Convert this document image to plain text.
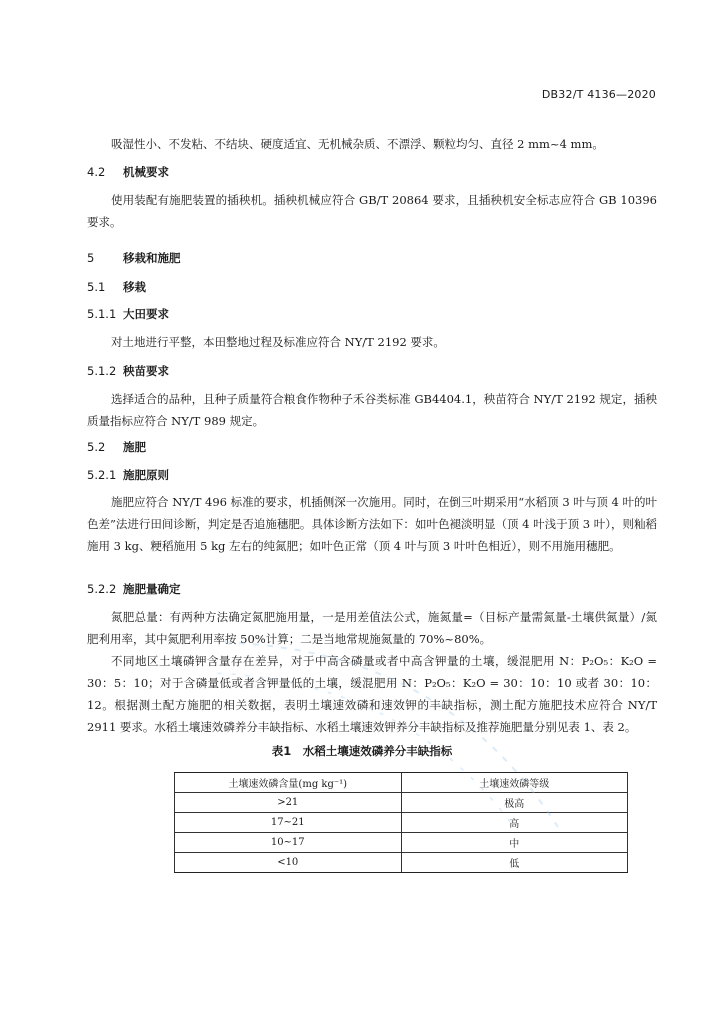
DB32/T 4136—2020
吸湿性小、不发粘、不结块、硬度适宜、无机械杂质、不漂浮、颗粒均匀、直径 2 mm~4 mm。
4.2 机械要求
使用装配有施肥装置的插秧机。插秧机械应符合 GB/T 20864 要求，且插秧机安全标志应符合 GB 10396 要求。
5 移栽和施肥
5.1 移栽
5.1.1 大田要求
对土地进行平整，本田整地过程及标准应符合 NY/T 2192 要求。
5.1.2 秧苗要求
选择适合的品种，且种子质量符合粮食作物种子禾谷类标准 GB4404.1，秧苗符合 NY/T 2192 规定，插秧质量指标应符合 NY/T 989 规定。
5.2 施肥
5.2.1 施肥原则
施肥应符合 NY/T 496 标准的要求，机插侧深一次施用。同时，在倒三叶期采用“水稻顶 3 叶与顶 4 叶的叶色差”法进行田间诊断，判定是否追施穗肥。具体诊断方法如下：如叶色褪淡明显（顶 4 叶浅于顶 3 叶），则籼稻施用 3 kg、粳稻施用 5 kg 左右的纯氮肥；如叶色正常（顶 4 叶与顶 3 叶叶色相近），则不用施用穗肥。
5.2.2 施肥量确定
氮肥总量：有两种方法确定氮肥施用量，一是用差值法公式，施氮量=（目标产量需氮量-土壤供氮量）/氮肥利用率，其中氮肥利用率按 50%计算；二是当地常规施氮量的 70%~80%。
不同地区土壤磷钾含量存在差异，对于中高含磷量或者中高含钾量的土壤，缓混肥用 N：P₂O₅：K₂O = 30：5：10；对于含磷量低或者含钾量低的土壤，缓混肥用 N：P₂O₅：K₂O = 30：10：10 或者 30：10：12。根据测土配方施肥的相关数据，表明土壤速效磷和速效钾的丰缺指标，测土配方施肥技术应符合 NY/T 2911 要求。水稻土壤速效磷养分丰缺指标、水稻土壤速效钾养分丰缺指标及推荐施肥量分别见表 1、表 2。
表1　水稻土壤速效磷养分丰缺指标
土壤速效磷含量(mg kg⁻¹)	土壤速效磷等级
>21	极高
17~21	高
10~17	中
<10	低
